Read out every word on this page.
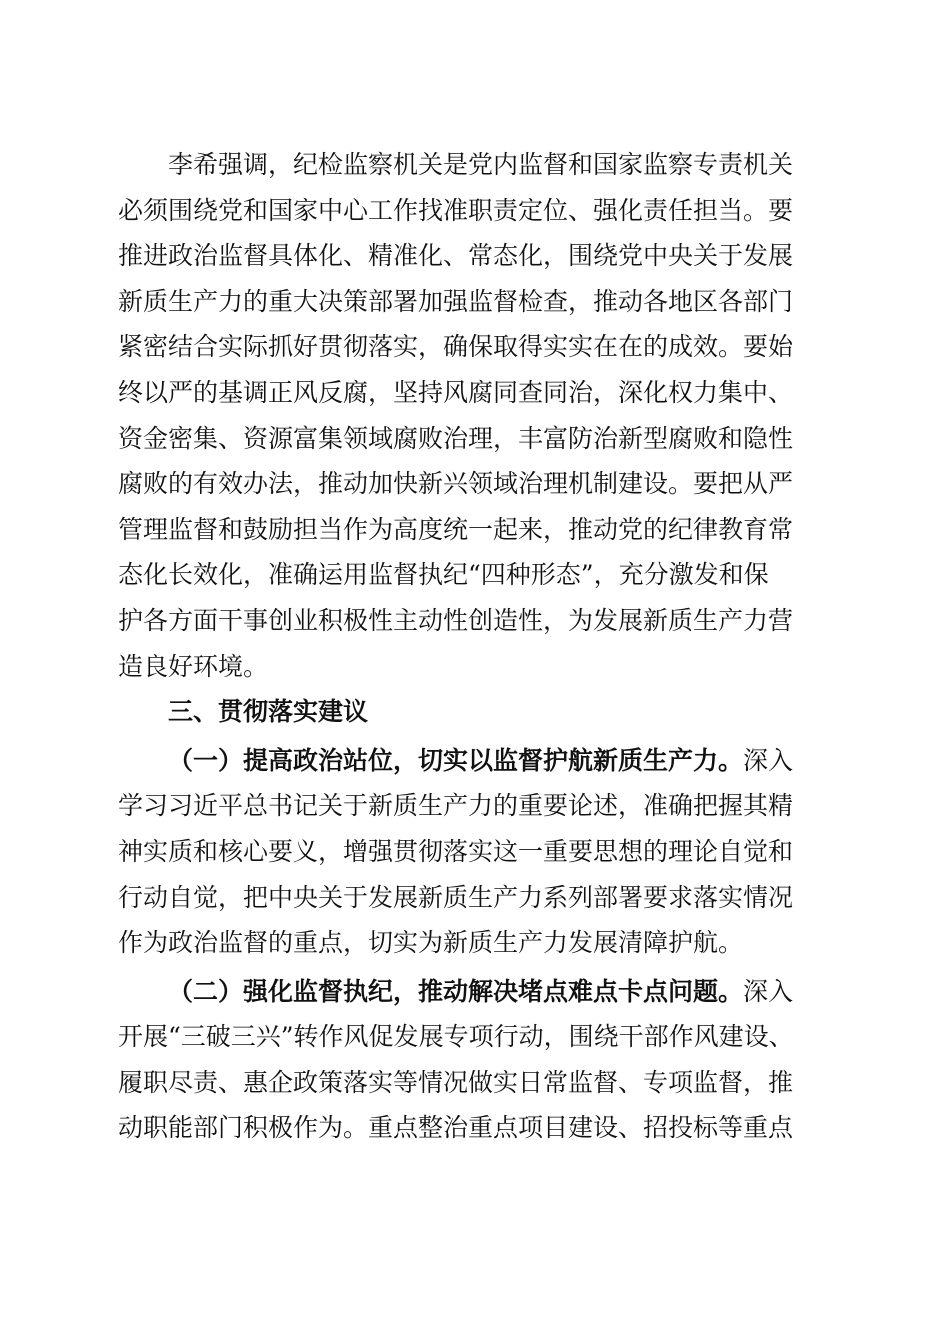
李希强调，纪检监察机关是党内监督和国家监察专责机关
必须围绕党和国家中心工作找准职责定位、强化责任担当。要
推进政治监督具体化、精准化、常态化，围绕党中央关于发展
新质生产力的重大决策部署加强监督检查，推动各地区各部门
紧密结合实际抓好贯彻落实，确保取得实实在在的成效。要始
终以严的基调正风反腐，坚持风腐同查同治，深化权力集中、
资金密集、资源富集领域腐败治理，丰富防治新型腐败和隐性
腐败的有效办法，推动加快新兴领域治理机制建设。要把从严
管理监督和鼓励担当作为高度统一起来，推动党的纪律教育常
态化长效化，准确运用监督执纪“四种形态”，充分激发和保
护各方面干事创业积极性主动性创造性，为发展新质生产力营
造良好环境。
三、贯彻落实建议
（一）提高政治站位，切实以监督护航新质生产力。深入
学习习近平总书记关于新质生产力的重要论述，准确把握其精
神实质和核心要义，增强贯彻落实这一重要思想的理论自觉和
行动自觉，把中央关于发展新质生产力系列部署要求落实情况
作为政治监督的重点，切实为新质生产力发展清障护航。
（二）强化监督执纪，推动解决堵点难点卡点问题。深入
开展“三破三兴”转作风促发展专项行动，围绕干部作风建设、
履职尽责、惠企政策落实等情况做实日常监督、专项监督，推
动职能部门积极作为。重点整治重点项目建设、招投标等重点
